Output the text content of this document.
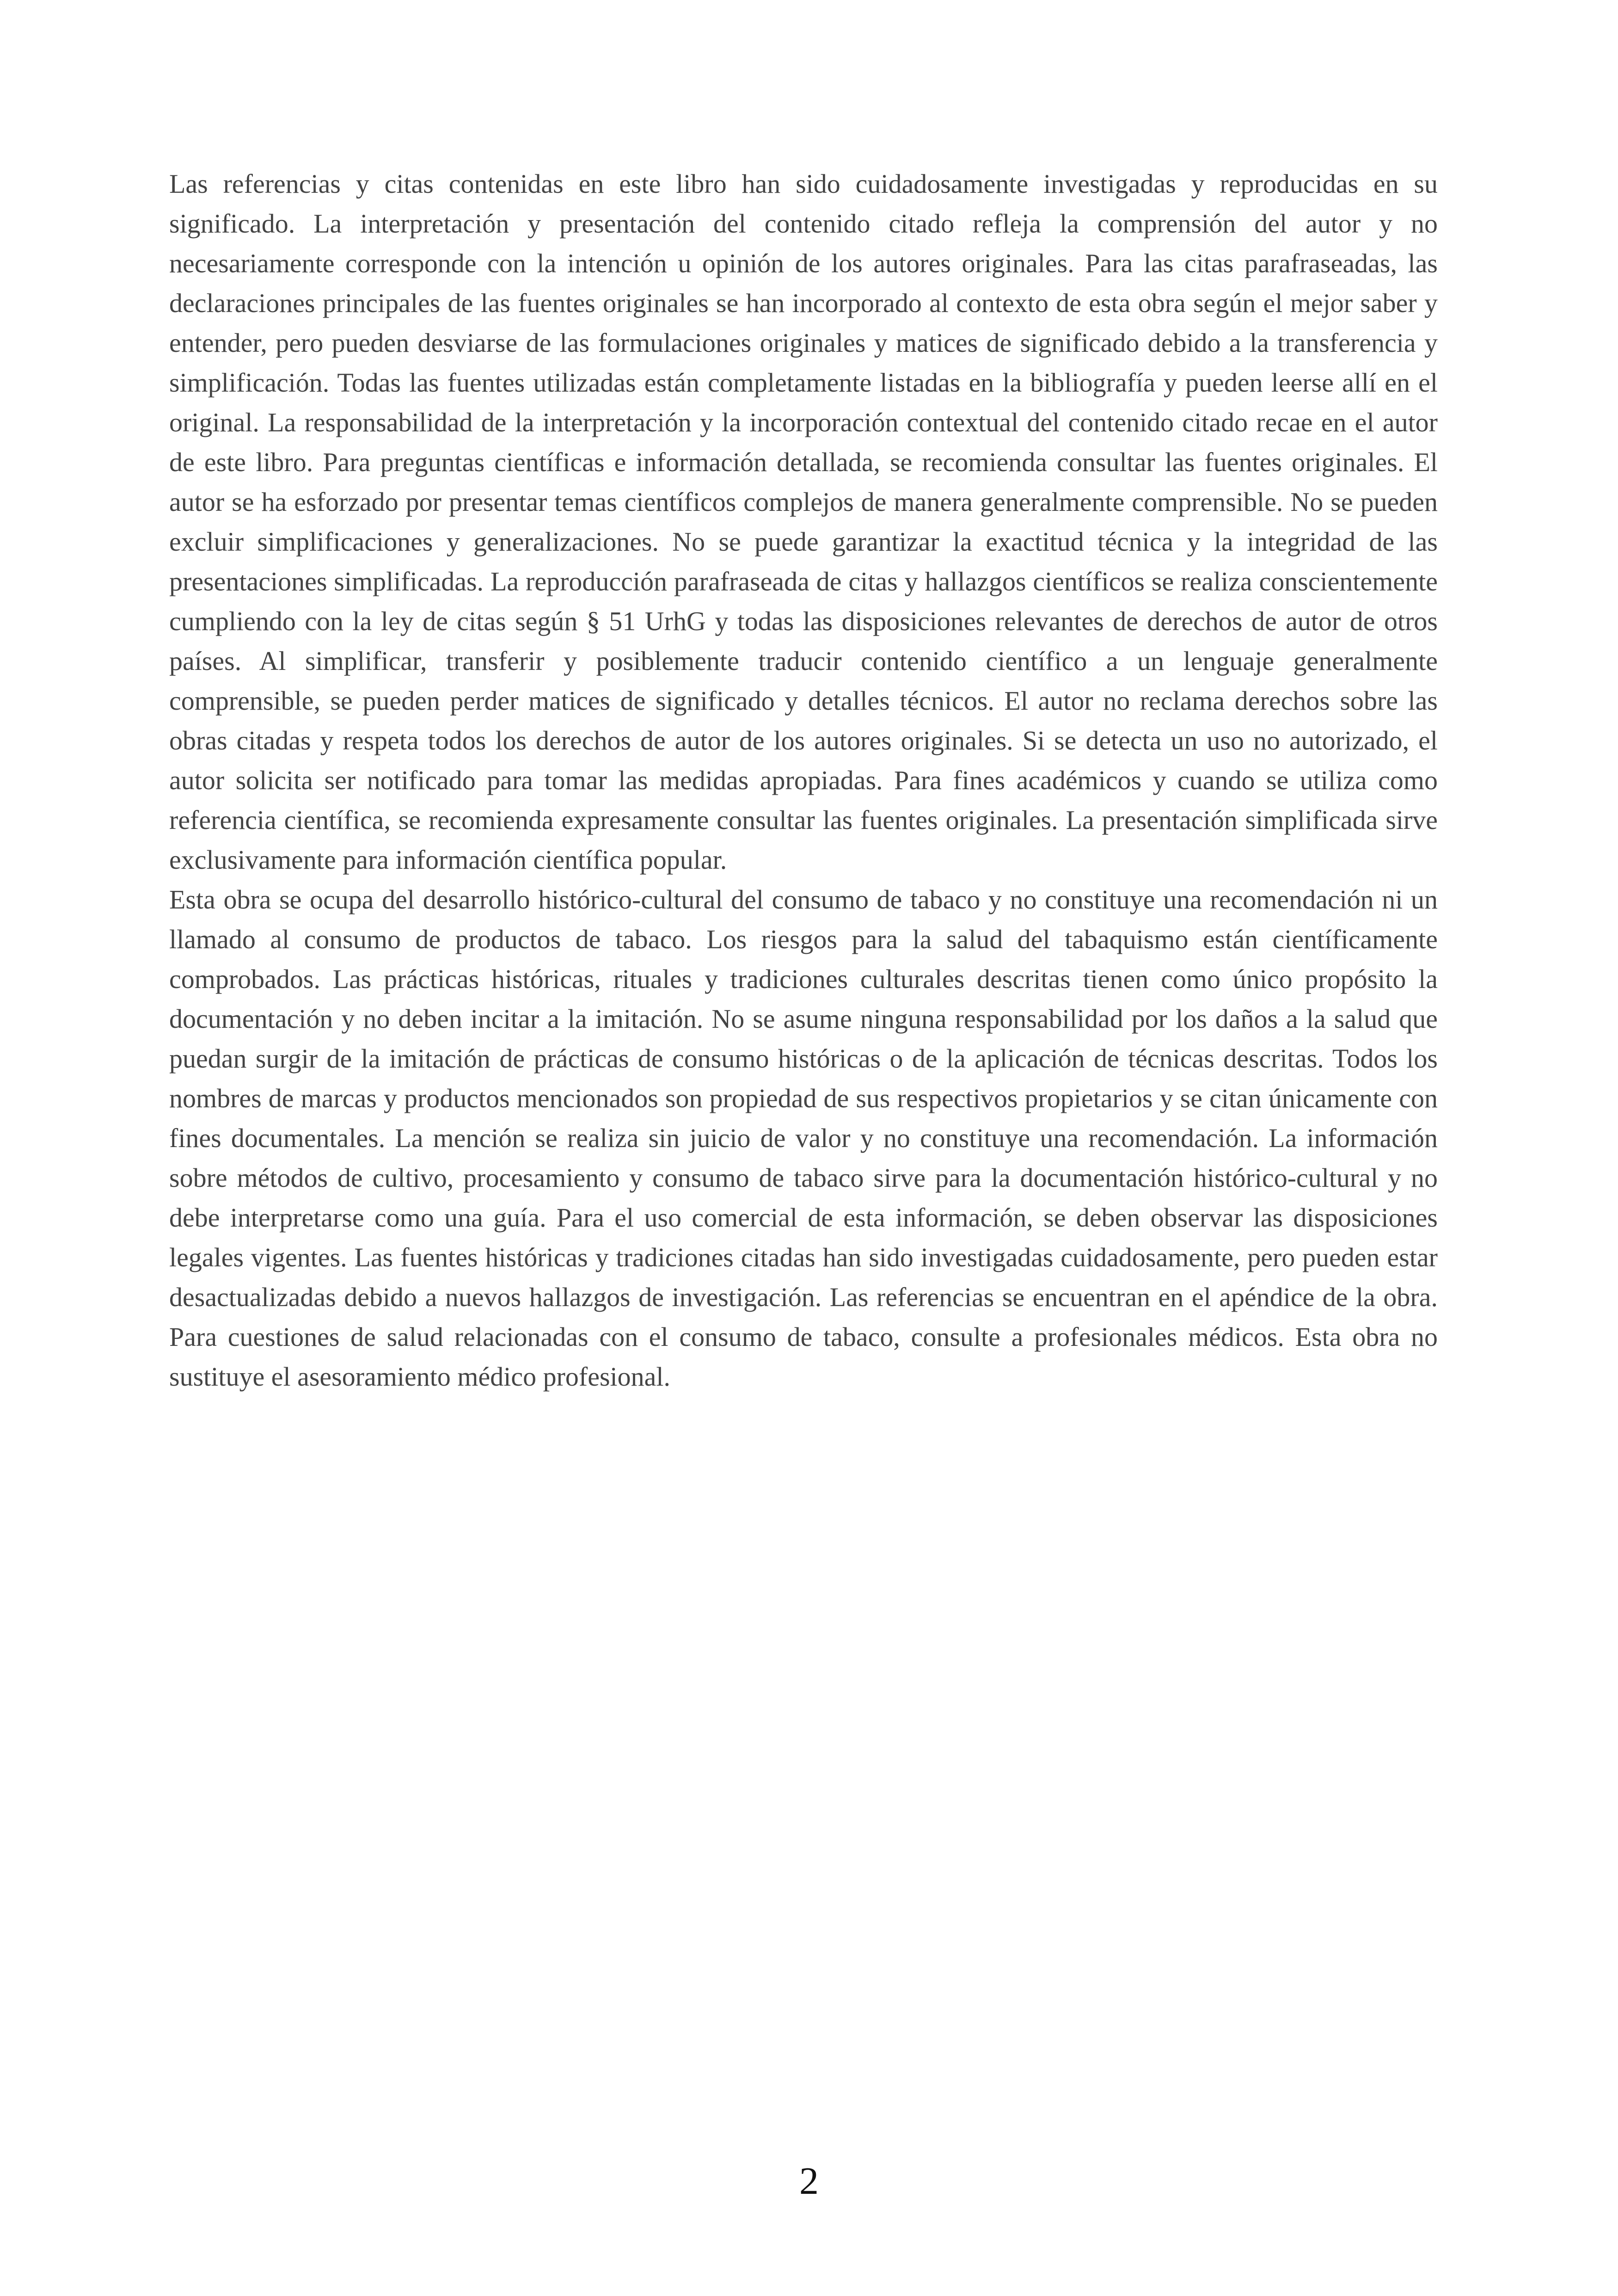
Las referencias y citas contenidas en este libro han sido cuidadosamente investigadas y reproducidas en su significado. La interpretación y presentación del contenido citado refleja la comprensión del autor y no necesariamente corresponde con la intención u opinión de los autores originales. Para las citas parafraseadas, las declaraciones principales de las fuentes originales se han incorporado al contexto de esta obra según el mejor saber y entender, pero pueden desviarse de las formulaciones originales y matices de significado debido a la transferencia y simplificación. Todas las fuentes utilizadas están completamente listadas en la bibliografía y pueden leerse allí en el original. La responsabilidad de la interpretación y la incorporación contextual del contenido citado recae en el autor de este libro. Para preguntas científicas e información detallada, se recomienda consultar las fuentes originales. El autor se ha esforzado por presentar temas científicos complejos de manera generalmente comprensible. No se pueden excluir simplificaciones y generalizaciones. No se puede garantizar la exactitud técnica y la integridad de las presentaciones simplificadas. La reproducción parafraseada de citas y hallazgos científicos se realiza conscientemente cumpliendo con la ley de citas según § 51 UrhG y todas las disposiciones relevantes de derechos de autor de otros países. Al simplificar, transferir y posiblemente traducir contenido científico a un lenguaje generalmente comprensible, se pueden perder matices de significado y detalles técnicos. El autor no reclama derechos sobre las obras citadas y respeta todos los derechos de autor de los autores originales. Si se detecta un uso no autorizado, el autor solicita ser notificado para tomar las medidas apropiadas. Para fines académicos y cuando se utiliza como referencia científica, se recomienda expresamente consultar las fuentes originales. La presentación simplificada sirve exclusivamente para información científica popular.

Esta obra se ocupa del desarrollo histórico-cultural del consumo de tabaco y no constituye una recomendación ni un llamado al consumo de productos de tabaco. Los riesgos para la salud del tabaquismo están científicamente comprobados. Las prácticas históricas, rituales y tradiciones culturales descritas tienen como único propósito la documentación y no deben incitar a la imitación. No se asume ninguna responsabilidad por los daños a la salud que puedan surgir de la imitación de prácticas de consumo históricas o de la aplicación de técnicas descritas. Todos los nombres de marcas y productos mencionados son propiedad de sus respectivos propietarios y se citan únicamente con fines documentales. La mención se realiza sin juicio de valor y no constituye una recomendación. La información sobre métodos de cultivo, procesamiento y consumo de tabaco sirve para la documentación histórico-cultural y no debe interpretarse como una guía. Para el uso comercial de esta información, se deben observar las disposiciones legales vigentes. Las fuentes históricas y tradiciones citadas han sido investigadas cuidadosamente, pero pueden estar desactualizadas debido a nuevos hallazgos de investigación. Las referencias se encuentran en el apéndice de la obra. Para cuestiones de salud relacionadas con el consumo de tabaco, consulte a profesionales médicos. Esta obra no sustituye el asesoramiento médico profesional.

2
